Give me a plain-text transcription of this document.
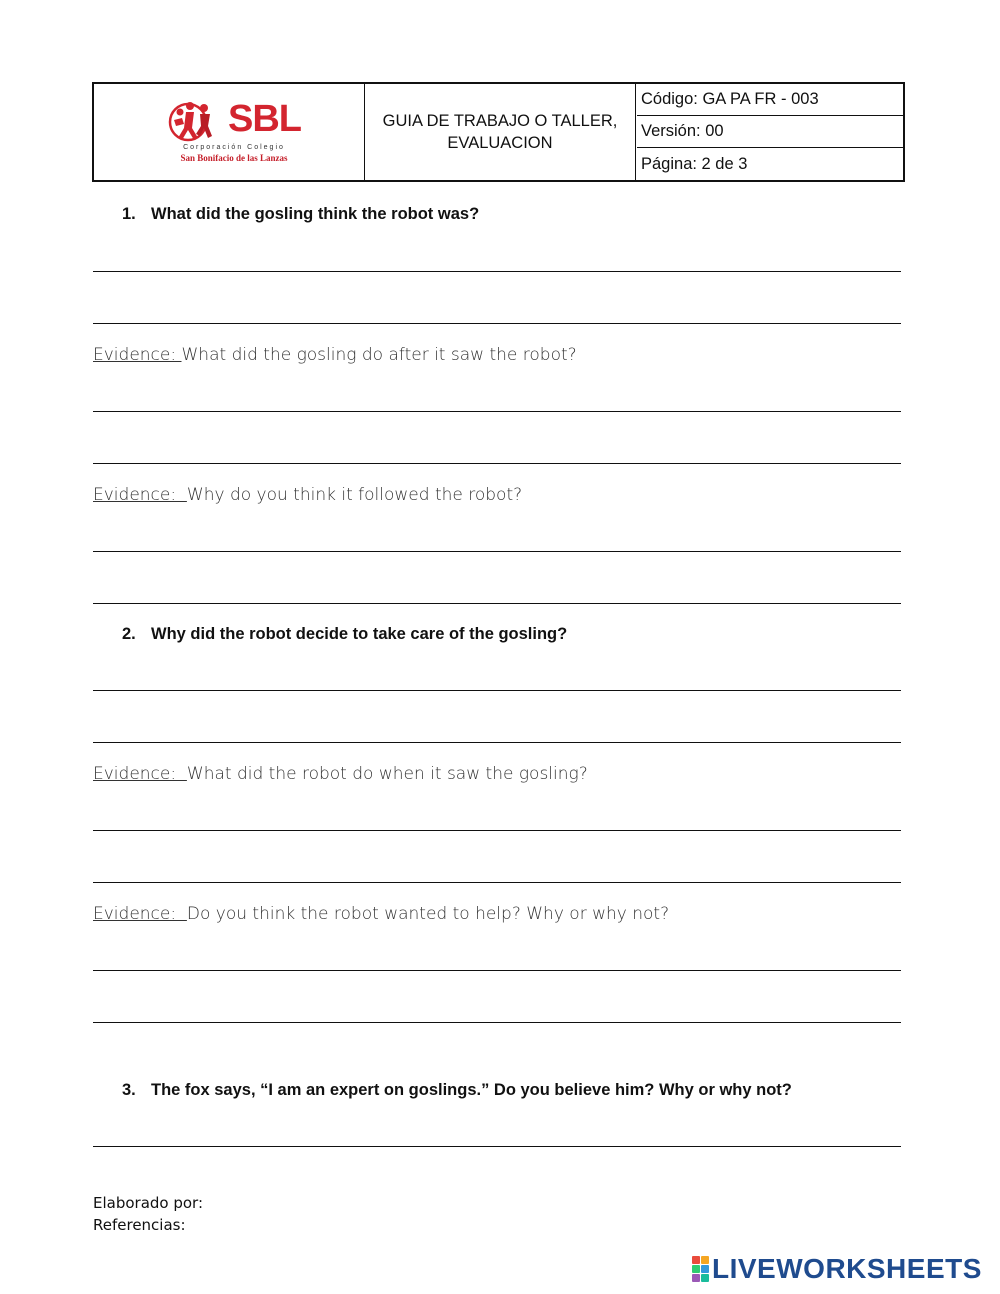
SBL
Corporación Colegio
San Bonifacio de las Lanzas
GUIA DE TRABAJO O TALLER,
EVALUACION
Código: GA PA FR - 003
Versión: 00
Página: 2 de 3
1. What did the gosling think the robot was?
Evidence: What did the gosling do after it saw the robot?
Evidence:  Why do you think it followed the robot?
2. Why did the robot decide to take care of the gosling?
Evidence:  What did the robot do when it saw the gosling?
Evidence:  Do you think the robot wanted to help? Why or why not?
3. The fox says, “I am an expert on goslings.” Do you believe him? Why or why not?
Elaborado por:
Referencias:
LIVEWORKSHEETS
